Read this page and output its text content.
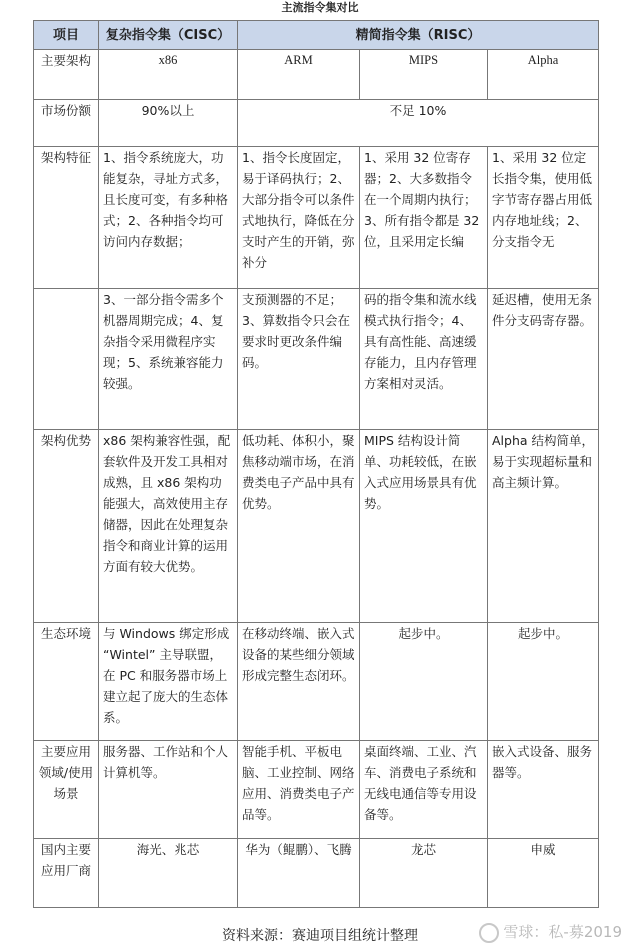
主流指令集对比
项目	复杂指令集（CISC）	精简指令集（RISC）		
主要架构	x86	ARM	MIPS	Alpha
市场份额	90%以上	不足 10%		
架构特征	1、指令系统庞大，功能复杂，寻址方式多，且长度可变，有多种格式；2、各种指令均可访问内存数据；	1、指令长度固定，易于译码执行；2、大部分指令可以条件式地执行，降低在分支时产生的开销，弥补分	1、采用 32 位寄存器；2、大多数指令在一个周期内执行；3、所有指令都是 32 位，且采用定长编	1、采用 32 位定长指令集，使用低字节寄存器占用低内存地址线；2、分支指令无
	3、一部分指令需多个机器周期完成；4、复杂指令采用微程序实现；5、系统兼容能力较强。	支预测器的不足；3、算数指令只会在要求时更改条件编码。	码的指令集和流水线模式执行指令；4、具有高性能、高速缓存能力，且内存管理方案相对灵活。	延迟槽，使用无条件分支码寄存器。
架构优势	x86 架构兼容性强，配套软件及开发工具相对成熟，且 x86 架构功能强大，高效使用主存储器，因此在处理复杂指令和商业计算的运用方面有较大优势。	低功耗、体积小，聚焦移动端市场，在消费类电子产品中具有优势。	MIPS 结构设计简单、功耗较低，在嵌入式应用场景具有优势。	Alpha 结构简单，易于实现超标量和高主频计算。
生态环境	与 Windows 绑定形成 “Wintel” 主导联盟，在 PC 和服务器市场上建立起了庞大的生态体系。	在移动终端、嵌入式设备的某些细分领域形成完整生态闭环。	起步中。	起步中。
主要应用领域/使用场景	服务器、工作站和个人计算机等。	智能手机、平板电脑、工业控制、网络应用、消费类电子产品等。	桌面终端、工业、汽车、消费电子系统和无线电通信等专用设备等。	嵌入式设备、服务器等。
国内主要应用厂商	海光、兆芯	华为（鲲鹏）、飞腾	龙芯	申威
资料来源：赛迪项目组统计整理	雪球：私-募2019
